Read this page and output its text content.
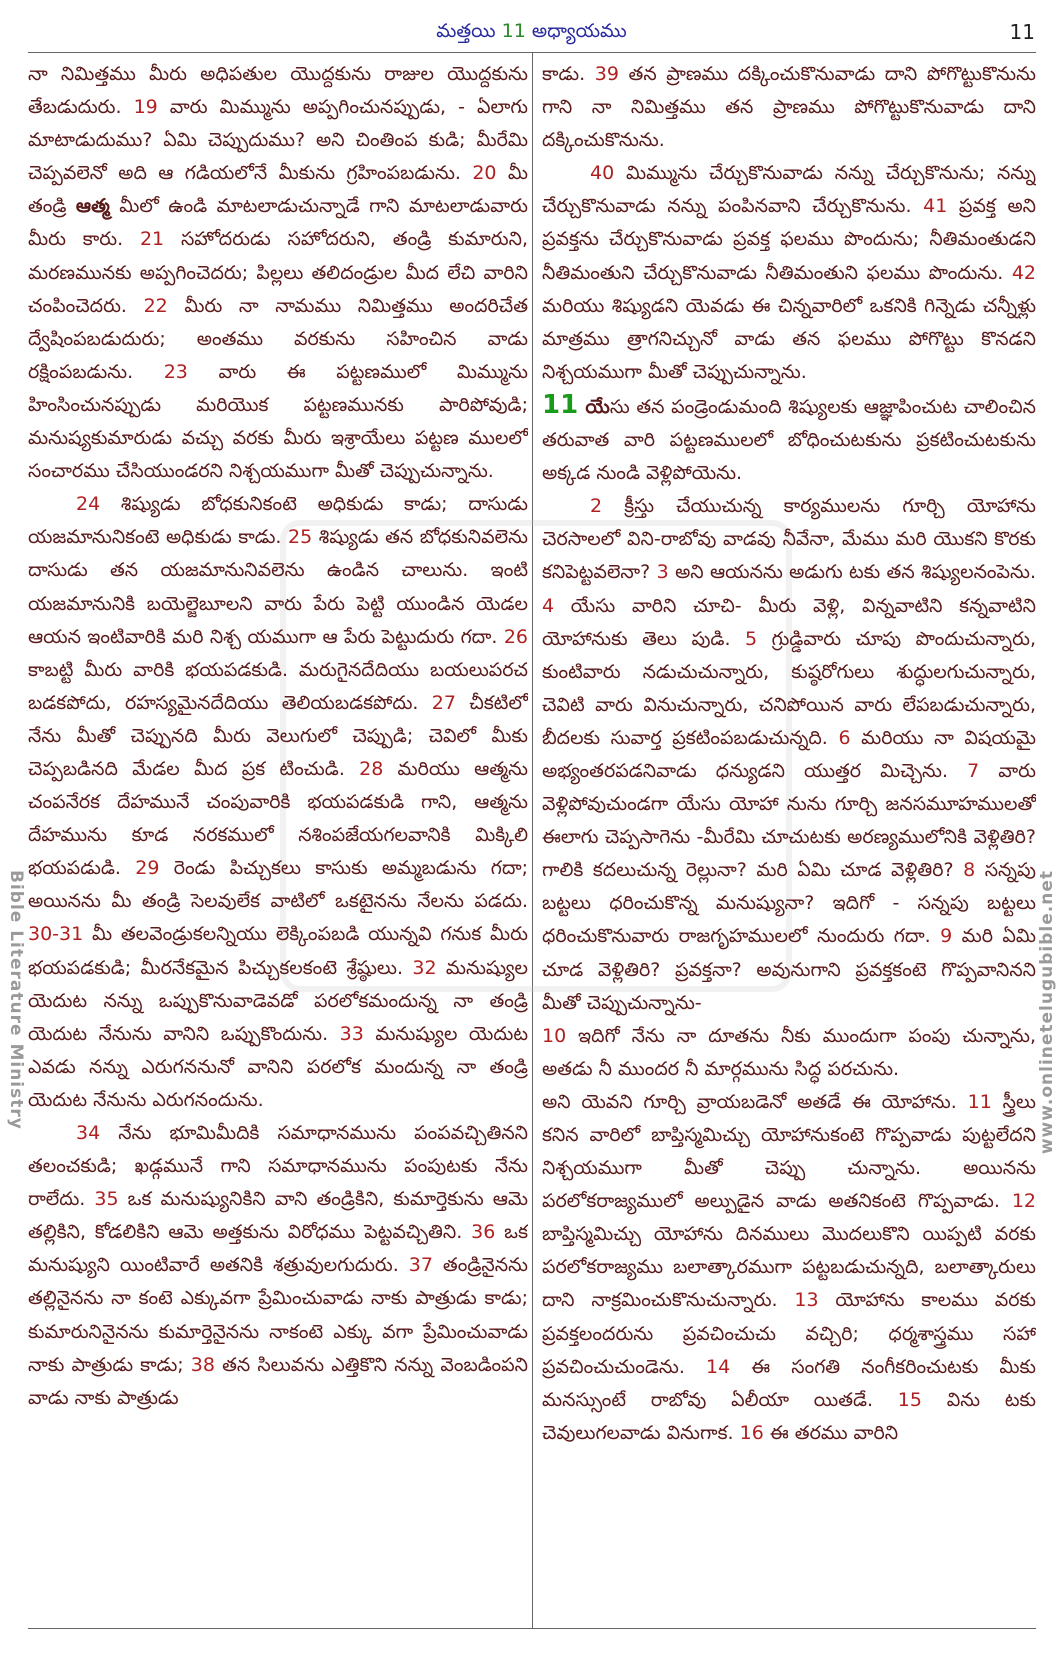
మత్తయి 11 అధ్యాయము	11
Bible Literature Ministry	www.onlinetelugubible.net

నా నిమిత్తము మీరు అధిపతుల యొద్దకును రాజుల యొద్దకును తేబడుదురు. 19 వారు మిమ్మును అప్పగించునప్పుడు, - ఏలాగు మాటాడుదుము? ఏమి చెప్పుదుము? అని చింతింప కుడి; మీరేమి చెప్పవలెనో అది ఆ గడియలోనే మీకును గ్రహింపబడును. 20 మీ తండ్రి ఆత్మ మీలో ఉండి మాటలాడుచున్నాడే గాని మాటలాడువారు మీరు కారు. 21 సహోదరుడు సహోదరుని, తండ్రి కుమారుని, మరణమునకు అప్పగించెదరు; పిల్లలు తలిదండ్రుల మీద లేచి వారిని చంపించెదరు. 22 మీరు నా నామము నిమిత్తము అందరిచేత ద్వేషింపబడుదురు; అంతము వరకును సహించిన వాడు రక్షింపబడును. 23 వారు ఈ పట్టణములో మిమ్మును హింసించునప్పుడు మరియొక పట్టణమునకు పారిపోవుడి; మనుష్యకుమారుడు వచ్చు వరకు మీరు ఇశ్రాయేలు పట్టణ ములలో సంచారము చేసియుండరని నిశ్చయముగా మీతో చెప్పుచున్నాను.

24 శిష్యుడు బోధకునికంటె అధికుడు కాడు; దాసుడు యజమానునికంటె అధికుడు కాడు. 25 శిష్యుడు తన బోధకునివలెను దాసుడు తన యజమానునివలెను ఉండిన చాలును. ఇంటి యజమానునికి బయెల్జెబూలని వారు పేరు పెట్టి యుండిన యెడల ఆయన ఇంటివారికి మరి నిశ్చ యముగా ఆ పేరు పెట్టుదురు గదా. 26 కాబట్టి మీరు వారికి భయపడకుడి. మరుగైనదేదియు బయలుపరచ బడకపోదు, రహస్యమైనదేదియు తెలియబడకపోదు. 27 చీకటిలో నేను మీతో చెప్పునది మీరు వెలుగులో చెప్పుడి; చెవిలో మీకు చెప్పబడినది మేడల మీద ప్రక టించుడి. 28 మరియు ఆత్మను చంపనేరక దేహమునే చంపువారికి భయపడకుడి గాని, ఆత్మను దేహమును కూడ నరకములో నశింపజేయగలవానికి మిక్కిలి భయపడుడి. 29 రెండు పిచ్చుకలు కాసుకు అమ్మబడును గదా; అయినను మీ తండ్రి సెలవులేక వాటిలో ఒకటైనను నేలను పడదు. 30-31 మీ తలవెండ్రుకలన్నియు లెక్కింపబడి యున్నవి గనుక మీరు భయపడకుడి; మీరనేకమైన పిచ్చుకలకంటె శ్రేష్ఠులు. 32 మనుష్యుల యెదుట నన్ను ఒప్పుకొనువాడెవడో పరలోకమందున్న నా తండ్రి యెదుట నేనును వానిని ఒప్పుకొందును. 33 మనుష్యుల యెదుట ఎవడు నన్ను ఎరుగననునో వానిని పరలోక మందున్న నా తండ్రి యెదుట నేనును ఎరుగనందును.

34 నేను భూమిమీదికి సమాధానమును పంపవచ్చితినని తలంచకుడి; ఖడ్గమునే గాని సమాధానమును పంపుటకు నేను రాలేదు. 35 ఒక మనుష్యునికిని వాని తండ్రికిని, కుమార్తెకును ఆమె తల్లికిని, కోడలికిని ఆమె అత్తకును విరోధము పెట్టవచ్చితిని. 36 ఒక మనుష్యుని యింటివారే అతనికి శత్రువులగుదురు. 37 తండ్రినైనను తల్లినైనను నా కంటె ఎక్కువగా ప్రేమించువాడు నాకు పాత్రుడు కాడు; కుమారునినైనను కుమార్తెనైనను నాకంటె ఎక్కు వగా ప్రేమించువాడు నాకు పాత్రుడు కాడు; 38 తన సిలువను ఎత్తికొని నన్ను వెంబడింపని వాడు నాకు పాత్రుడు

కాడు. 39 తన ప్రాణము దక్కించుకొనువాడు దాని పోగొట్టుకొనును గాని నా నిమిత్తము తన ప్రాణము పోగొట్టుకొనువాడు దాని దక్కించుకొనును.

40 మిమ్మును చేర్చుకొనువాడు నన్ను చేర్చుకొనును; నన్ను చేర్చుకొనువాడు నన్ను పంపినవాని చేర్చుకొనును. 41 ప్రవక్త అని ప్రవక్తను చేర్చుకొనువాడు ప్రవక్త ఫలము పొందును; నీతిమంతుడని నీతిమంతుని చేర్చుకొనువాడు నీతిమంతుని ఫలము పొందును. 42 మరియు శిష్యుడని యెవడు ఈ చిన్నవారిలో ఒకనికి గిన్నెడు చన్నీళ్లు మాత్రము త్రాగనిచ్చునో వాడు తన ఫలము పోగొట్టు కొనడని నిశ్చయముగా మీతో చెప్పుచున్నాను.

11 యేసు తన పండ్రెండుమంది శిష్యులకు ఆజ్ఞాపించుట చాలించిన తరువాత వారి పట్టణములలో బోధించుటకును ప్రకటించుటకును అక్కడ నుండి వెళ్లిపోయెను.

2 క్రీస్తు చేయుచున్న కార్యములను గూర్చి యోహాను చెరసాలలో విని-రాబోవు వాడవు నీవేనా, మేము మరి యొకని కొరకు కనిపెట్టవలెనా? 3 అని ఆయనను అడుగు టకు తన శిష్యులనంపెను. 4 యేసు వారిని చూచి- మీరు వెళ్లి, విన్నవాటిని కన్నవాటిని యోహానుకు తెలు పుడి. 5 గ్రుడ్డివారు చూపు పొందుచున్నారు, కుంటివారు నడుచుచున్నారు, కుష్ఠరోగులు శుద్ధులగుచున్నారు, చెవిటి వారు వినుచున్నారు, చనిపోయిన వారు లేపబడుచున్నారు, బీదలకు సువార్త ప్రకటింపబడుచున్నది. 6 మరియు నా విషయమై అభ్యంతరపడనివాడు ధన్యుడని యుత్తర మిచ్చెను. 7 వారు వెళ్లిపోవుచుండగా యేసు యోహా నును గూర్చి జనసమూహములతో ఈలాగు చెప్పసాగెను -మీరేమి చూచుటకు అరణ్యములోనికి వెళ్లితిరి? గాలికి కదలుచున్న రెల్లునా? మరి ఏమి చూడ వెళ్లితిరి? 8 సన్నపు బట్టలు ధరించుకొన్న మనుష్యునా? ఇదిగో - సన్నపు బట్టలు ధరించుకొనువారు రాజగృహములలో నుందురు గదా. 9 మరి ఏమి చూడ వెళ్లితిరి? ప్రవక్తనా? అవునుగాని ప్రవక్తకంటె గొప్పవానినని మీతో చెప్పుచున్నాను-

10 ఇదిగో నేను నా దూతను నీకు ముందుగా పంపు చున్నాను, అతడు నీ ముందర నీ మార్గమును సిద్ధ పరచును.

అని యెవని గూర్చి వ్రాయబడెనో అతడే ఈ యోహాను. 11 స్త్రీలు కనిన వారిలో బాప్తిస్మమిచ్చు యోహానుకంటె గొప్పవాడు పుట్టలేదని నిశ్చయముగా మీతో చెప్పు చున్నాను. అయినను పరలోకరాజ్యములో అల్పుడైన వాడు అతనికంటె గొప్పవాడు. 12 బాప్తిస్మమిచ్చు యోహాను దినములు మొదలుకొని యిప్పటి వరకు పరలోకరాజ్యము బలాత్కారముగా పట్టబడుచున్నది, బలాత్కారులు దాని నాక్రమించుకొనుచున్నారు. 13 యోహాను కాలము వరకు ప్రవక్తలందరును ప్రవచించుచు వచ్చిరి; ధర్మశాస్త్రము సహా ప్రవచించుచుండెను. 14 ఈ సంగతి నంగీకరించుటకు మీకు మనస్సుంటే రాబోవు ఏలీయా యితడే. 15 విను టకు చెవులుగలవాడు వినుగాక. 16 ఈ తరము వారిని
